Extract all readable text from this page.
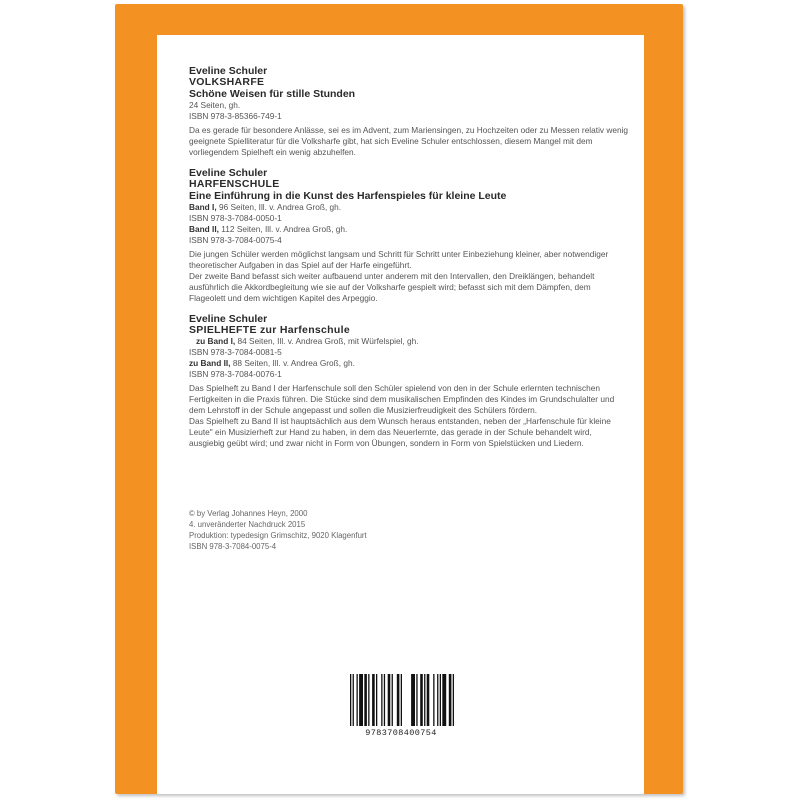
Eveline Schuler
VOLKSHARFE
Schöne Weisen für stille Stunden
24 Seiten, gh.
ISBN 978-3-85366-749-1
Da es gerade für besondere Anlässe, sei es im Advent, zum Mariensingen, zu Hochzeiten oder zu Messen relativ wenig geeignete Spielliteratur für die Volksharfe gibt, hat sich Eveline Schuler entschlossen, diesem Mangel mit dem vorliegendem Spielheft ein wenig abzuhelfen.
Eveline Schuler
HARFENSCHULE
Eine Einführung in die Kunst des Harfenspieles für kleine Leute
Band I, 96 Seiten, Ill. v. Andrea Groß, gh.
ISBN 978-3-7084-0050-1
Band II, 112 Seiten, Ill. v. Andrea Groß, gh.
ISBN 978-3-7084-0075-4
Die jungen Schüler werden möglichst langsam und Schritt für Schritt unter Einbeziehung kleiner, aber notwendiger theoretischer Aufgaben in das Spiel auf der Harfe eingeführt.
Der zweite Band befasst sich weiter aufbauend unter anderem mit den Intervallen, den Dreiklängen, behandelt ausführlich die Akkordbegleitung wie sie auf der Volksharfe gespielt wird; befasst sich mit dem Dämpfen, dem Flageolett und dem wichtigen Kapitel des Arpeggio.
Eveline Schuler
SPIELHEFTE zur Harfenschule
zu Band I, 84 Seiten, Ill. v. Andrea Groß, mit Würfelspiel, gh.
ISBN 978-3-7084-0081-5
zu Band II, 88 Seiten, Ill. v. Andrea Groß, gh.
ISBN 978-3-7084-0076-1
Das Spielheft zu Band I der Harfenschule soll den Schüler spielend von den in der Schule erlernten technischen Fertigkeiten in die Praxis führen. Die Stücke sind dem musikalischen Empfinden des Kindes im Grundschulalter und dem Lehrstoff in der Schule angepasst und sollen die Musizierfreudigkeit des Schülers fördern.
Das Spielheft zu Band II ist hauptsächlich aus dem Wunsch heraus entstanden, neben der „Harfenschule für kleine Leute" ein Musizierheft zur Hand zu haben, in dem das Neuerlernte, das gerade in der Schule behandelt wird, ausgiebig geübt wird; und zwar nicht in Form von Übungen, sondern in Form von Spielstücken und Liedern.
© by Verlag Johannes Heyn, 2000
4. unveränderter Nachdruck 2015
Produktion: typedesign Grimschitz, 9020 Klagenfurt
ISBN 978-3-7084-0075-4
9783708400754
